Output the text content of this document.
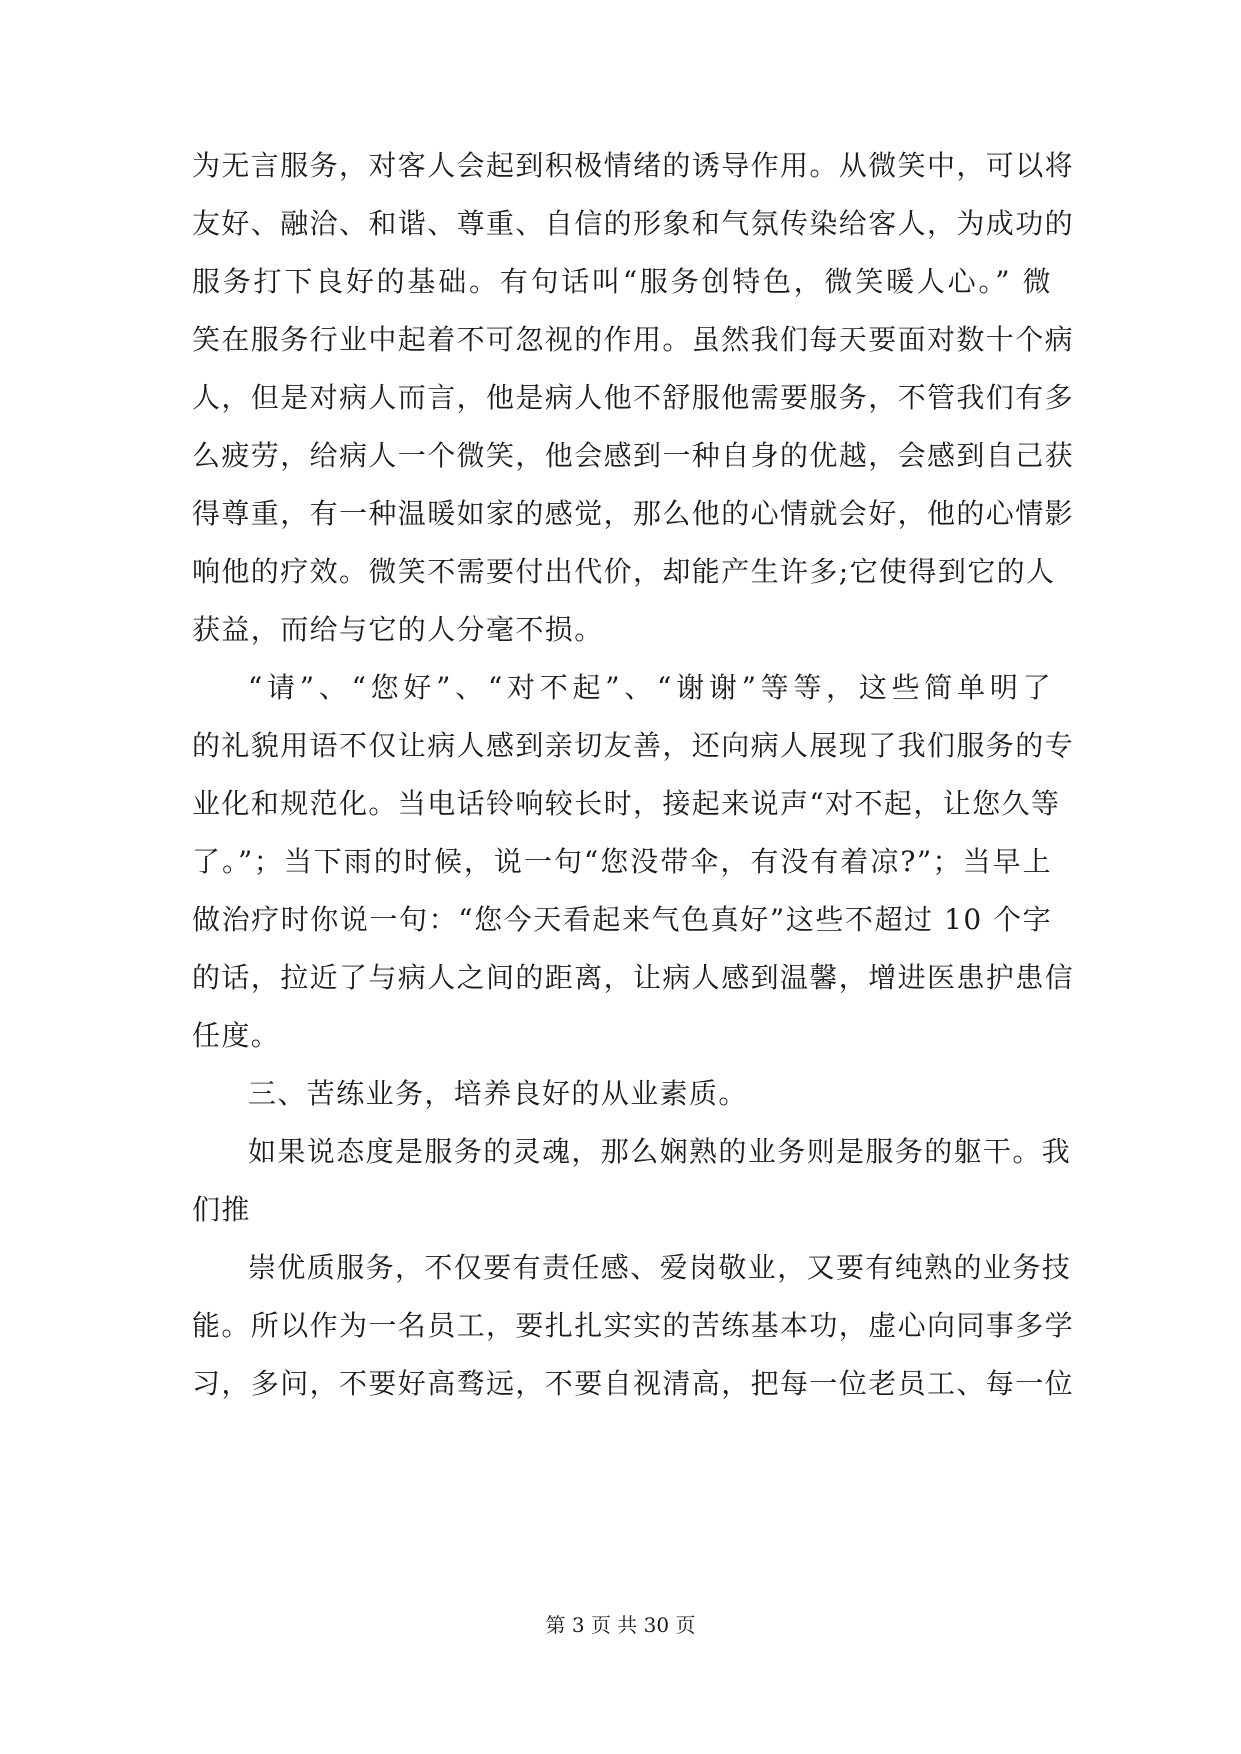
为无言服务，对客人会起到积极情绪的诱导作用。从微笑中，可以将
友好、融洽、和谐、尊重、自信的形象和气氛传染给客人，为成功的
服务打下良好的基础。有句话叫“服务创特色，微笑暖人心。” 微
笑在服务行业中起着不可忽视的作用。虽然我们每天要面对数十个病
人，但是对病人而言，他是病人他不舒服他需要服务，不管我们有多
么疲劳，给病人一个微笑，他会感到一种自身的优越，会感到自己获
得尊重，有一种温暖如家的感觉，那么他的心情就会好，他的心情影
响他的疗效。微笑不需要付出代价，却能产生许多;它使得到它的人
获益，而给与它的人分毫不损。
“请”、“您好”、“对不起”、“谢谢”等等，这些简单明了
的礼貌用语不仅让病人感到亲切友善，还向病人展现了我们服务的专
业化和规范化。当电话铃响较长时，接起来说声“对不起，让您久等
了。”；当下雨的时候，说一句“您没带伞，有没有着凉?”；当早上
做治疗时你说一句：“您今天看起来气色真好”这些不超过 10 个字
的话，拉近了与病人之间的距离，让病人感到温馨，增进医患护患信
任度。
三、苦练业务，培养良好的从业素质。
如果说态度是服务的灵魂，那么娴熟的业务则是服务的躯干。我
们推
崇优质服务，不仅要有责任感、爱岗敬业，又要有纯熟的业务技
能。所以作为一名员工，要扎扎实实的苦练基本功，虚心向同事多学
习，多问，不要好高骛远，不要自视清高，把每一位老员工、每一位
第 3 页 共 30 页
